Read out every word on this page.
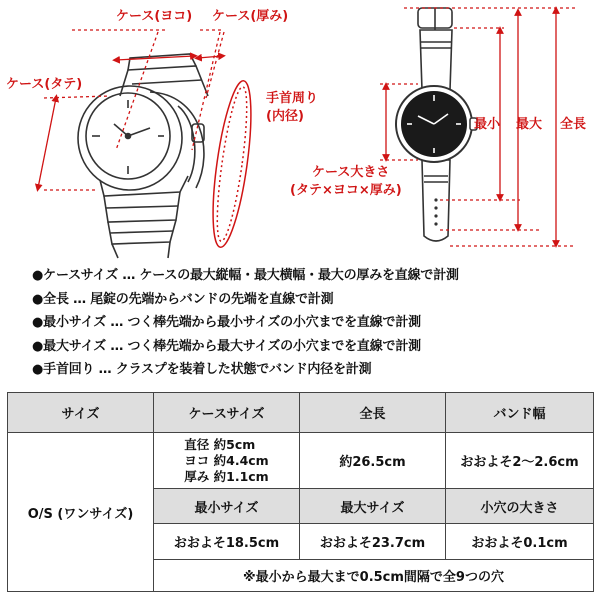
ケース(ヨコ) ケース(厚み)
ケース(タテ)
手首周り
(内径)
ケース大きさ
(タテ×ヨコ×厚み)
最小 最大 全長
●ケースサイズ … ケースの最大縦幅・最大横幅・最大の厚みを直線で計測
●全長 … 尾錠の先端からバンドの先端を直線で計測
●最小サイズ … つく棒先端から最小サイズの小穴までを直線で計測
●最大サイズ … つく棒先端から最大サイズの小穴までを直線で計測
●手首回り … クラスプを装着した状態でバンド内径を計測
サイズ	ケースサイズ	全長	バンド幅
O/S (ワンサイズ)	直径 約5cm
ヨコ 約4.4cm
厚み 約1.1cm	約26.5cm	おおよそ2〜2.6cm
	最小サイズ	最大サイズ	小穴の大きさ
	おおよそ18.5cm	おおよそ23.7cm	おおよそ0.1cm
	※最小から最大まで0.5cm間隔で全9つの穴		
